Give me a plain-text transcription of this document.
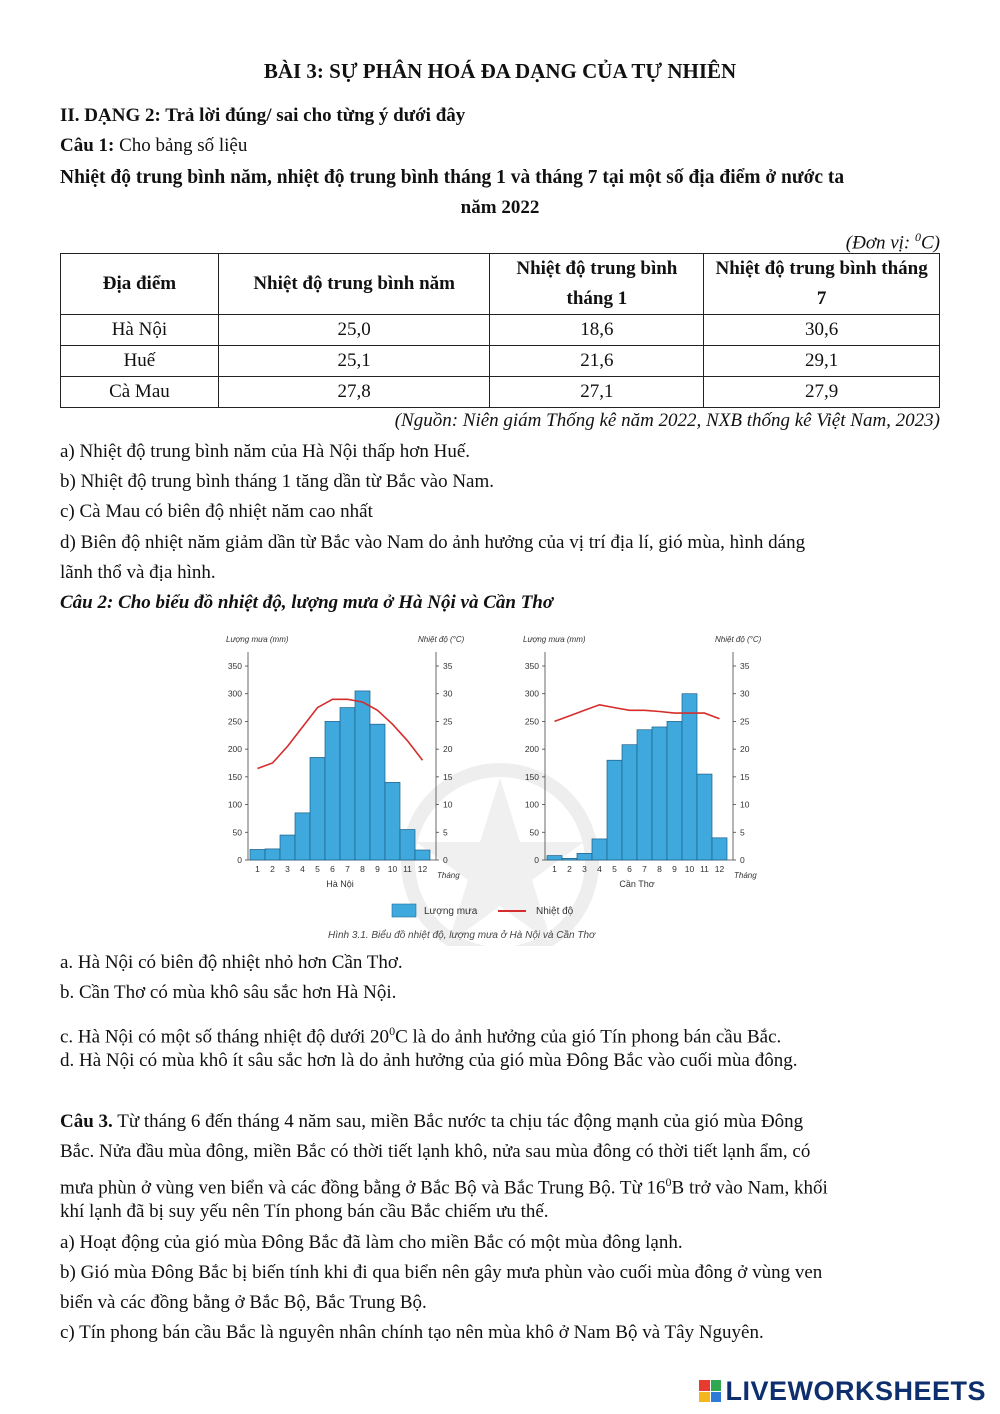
BÀI 3: SỰ PHÂN HOÁ ĐA DẠNG CỦA TỰ NHIÊN
II. DẠNG 2: Trả lời đúng/ sai cho từng ý dưới đây
Câu 1: Cho bảng số liệu
Nhiệt độ trung bình năm, nhiệt độ trung bình tháng 1 và tháng 7 tại một số địa điểm ở nước ta
năm 2022
(Đơn vị: $^0$C)
Địa điểm	Nhiệt độ trung bình năm	Nhiệt độ trung bình tháng 1	Nhiệt độ trung bình tháng 7
Hà Nội	25,0	18,6	30,6
Huế	25,1	21,6	29,1
Cà Mau	27,8	27,1	27,9
(Nguồn: Niên giám Thống kê năm 2022, NXB thống kê Việt Nam, 2023)
a) Nhiệt độ trung bình năm của Hà Nội thấp hơn Huế.
b) Nhiệt độ trung bình tháng 1 tăng dần từ Bắc vào Nam.
c) Cà Mau có biên độ nhiệt năm cao nhất
d) Biên độ nhiệt năm giảm dần từ Bắc vào Nam do ảnh hưởng của vị trí địa lí, gió mùa, hình dáng
lãnh thổ và địa hình.
Câu 2: Cho biểu đồ nhiệt độ, lượng mưa ở Hà Nội và Cần Thơ
Lượng mưa (mm)	Nhiệt độ (°C)
350
300
250
200
150
100
50
0
35
30
25
20
15
10
5
0
1 2 3 4 5 6 7 8 9 10 11 12
Tháng
Hà Nội
Lượng mưa (mm)	Nhiệt độ (°C)
350
300
250
200
150
100
50
0
35
30
25
20
15
10
5
0
1 2 3 4 5 6 7 8 9 10 11 12
Tháng
Cần Thơ
Lượng mưa	Nhiệt độ
Hình 3.1. Biểu đồ nhiệt độ, lượng mưa ở Hà Nội và Cần Thơ
a. Hà Nội có biên độ nhiệt nhỏ hơn Cần Thơ.
b. Cần Thơ có mùa khô sâu sắc hơn Hà Nội.
c. Hà Nội có một số tháng nhiệt độ dưới $20^0C$ là do ảnh hưởng của gió Tín phong bán cầu Bắc.
d. Hà Nội có mùa khô ít sâu sắc hơn là do ảnh hưởng của gió mùa Đông Bắc vào cuối mùa đông.
Câu 3. Từ tháng 6 đến tháng 4 năm sau, miền Bắc nước ta chịu tác động mạnh của gió mùa Đông
Bắc. Nửa đầu mùa đông, miền Bắc có thời tiết lạnh khô, nửa sau mùa đông có thời tiết lạnh ẩm, có
mưa phùn ở vùng ven biển và các đồng bằng ở Bắc Bộ và Bắc Trung Bộ. Từ $16^0B$ trở vào Nam, khối
khí lạnh đã bị suy yếu nên Tín phong bán cầu Bắc chiếm ưu thế.
a) Hoạt động của gió mùa Đông Bắc đã làm cho miền Bắc có một mùa đông lạnh.
b) Gió mùa Đông Bắc bị biến tính khi đi qua biển nên gây mưa phùn vào cuối mùa đông ở vùng ven
biển và các đồng bằng ở Bắc Bộ, Bắc Trung Bộ.
c) Tín phong bán cầu Bắc là nguyên nhân chính tạo nên mùa khô ở Nam Bộ và Tây Nguyên.
LIVEWORKSHEETS
